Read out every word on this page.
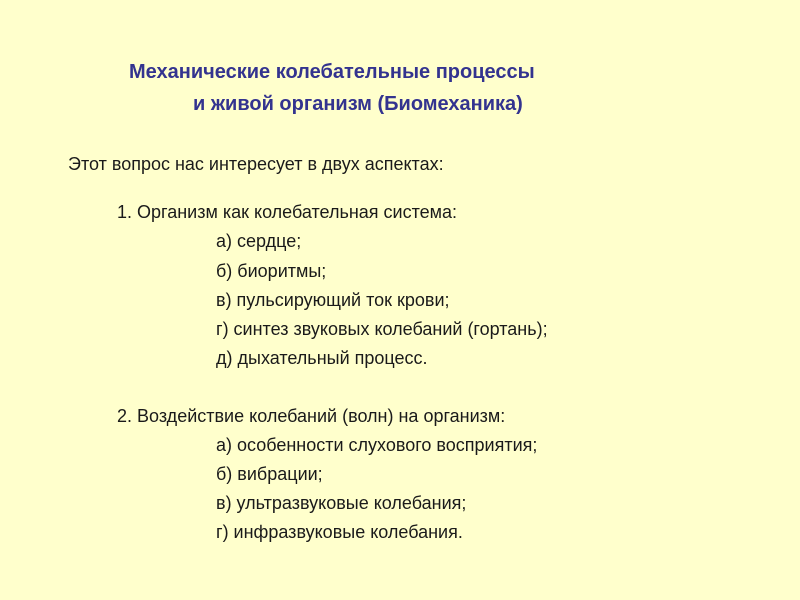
Механические колебательные процессы
и живой организм (Биомеханика)
Этот вопрос нас интересует в двух аспектах:
1. Организм как колебательная система:
а) сердце;
б) биоритмы;
в) пульсирующий ток крови;
г) синтез звуковых колебаний (гортань);
д) дыхательный процесс.
2. Воздействие колебаний (волн) на организм:
а) особенности слухового восприятия;
б) вибрации;
в) ультразвуковые колебания;
г) инфразвуковые колебания.
